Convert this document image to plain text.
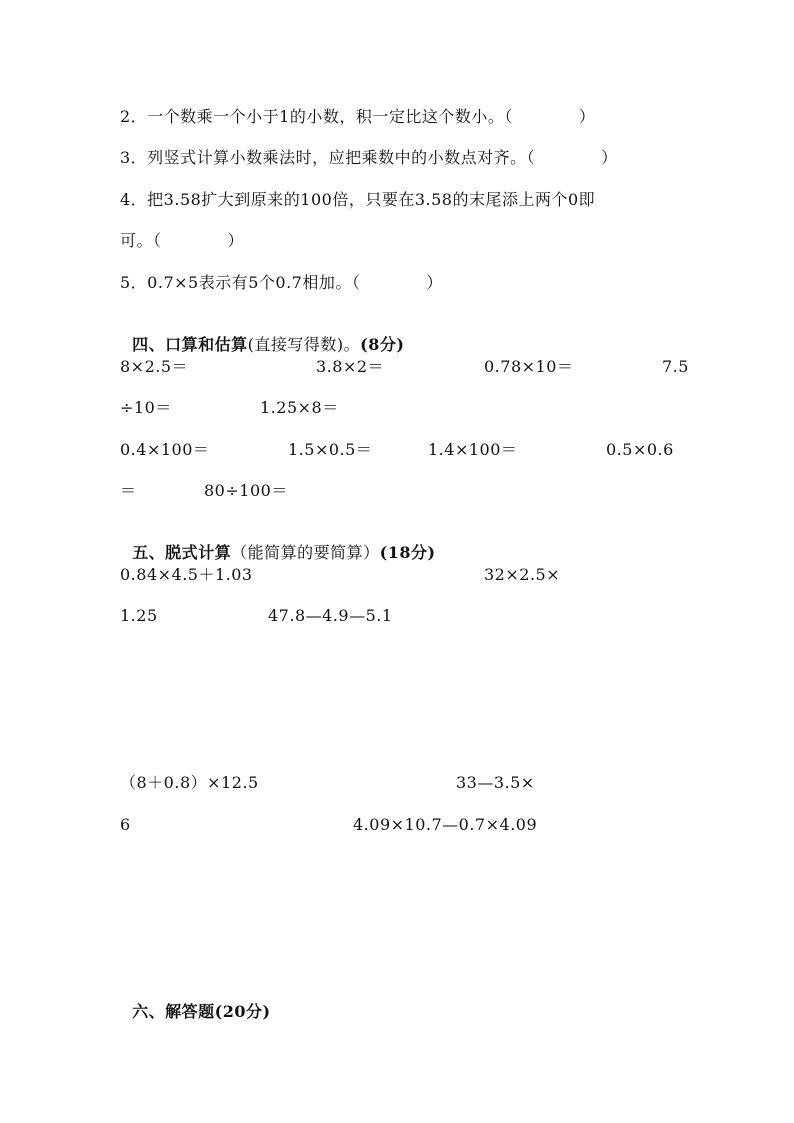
2．一个数乘一个小于1的小数，积一定比这个数小。（　　　　）
3．列竖式计算小数乘法时，应把乘数中的小数点对齐。（　　　　）
4．把3.58扩大到原来的100倍，只要在3.58的末尾添上两个0即
可。（　　　　）
5．0.7×5表示有5个0.7相加。（　　　　）

四、口算和估算(直接写得数)。(8分)

8×2.5＝	3.8×2＝	0.78×10＝	7.5
÷10＝	1.25×8＝
0.4×100＝	1.5×0.5＝	1.4×100＝	0.5×0.6
＝	80÷100＝

五、脱式计算（能简算的要简算）(18分)

0.84×4.5＋1.03	32×2.5×
1.25	47.8—4.9—5.1
（8＋0.8）×12.5	33—3.5×
6	4.09×10.7—0.7×4.09

六、解答题(20分)
